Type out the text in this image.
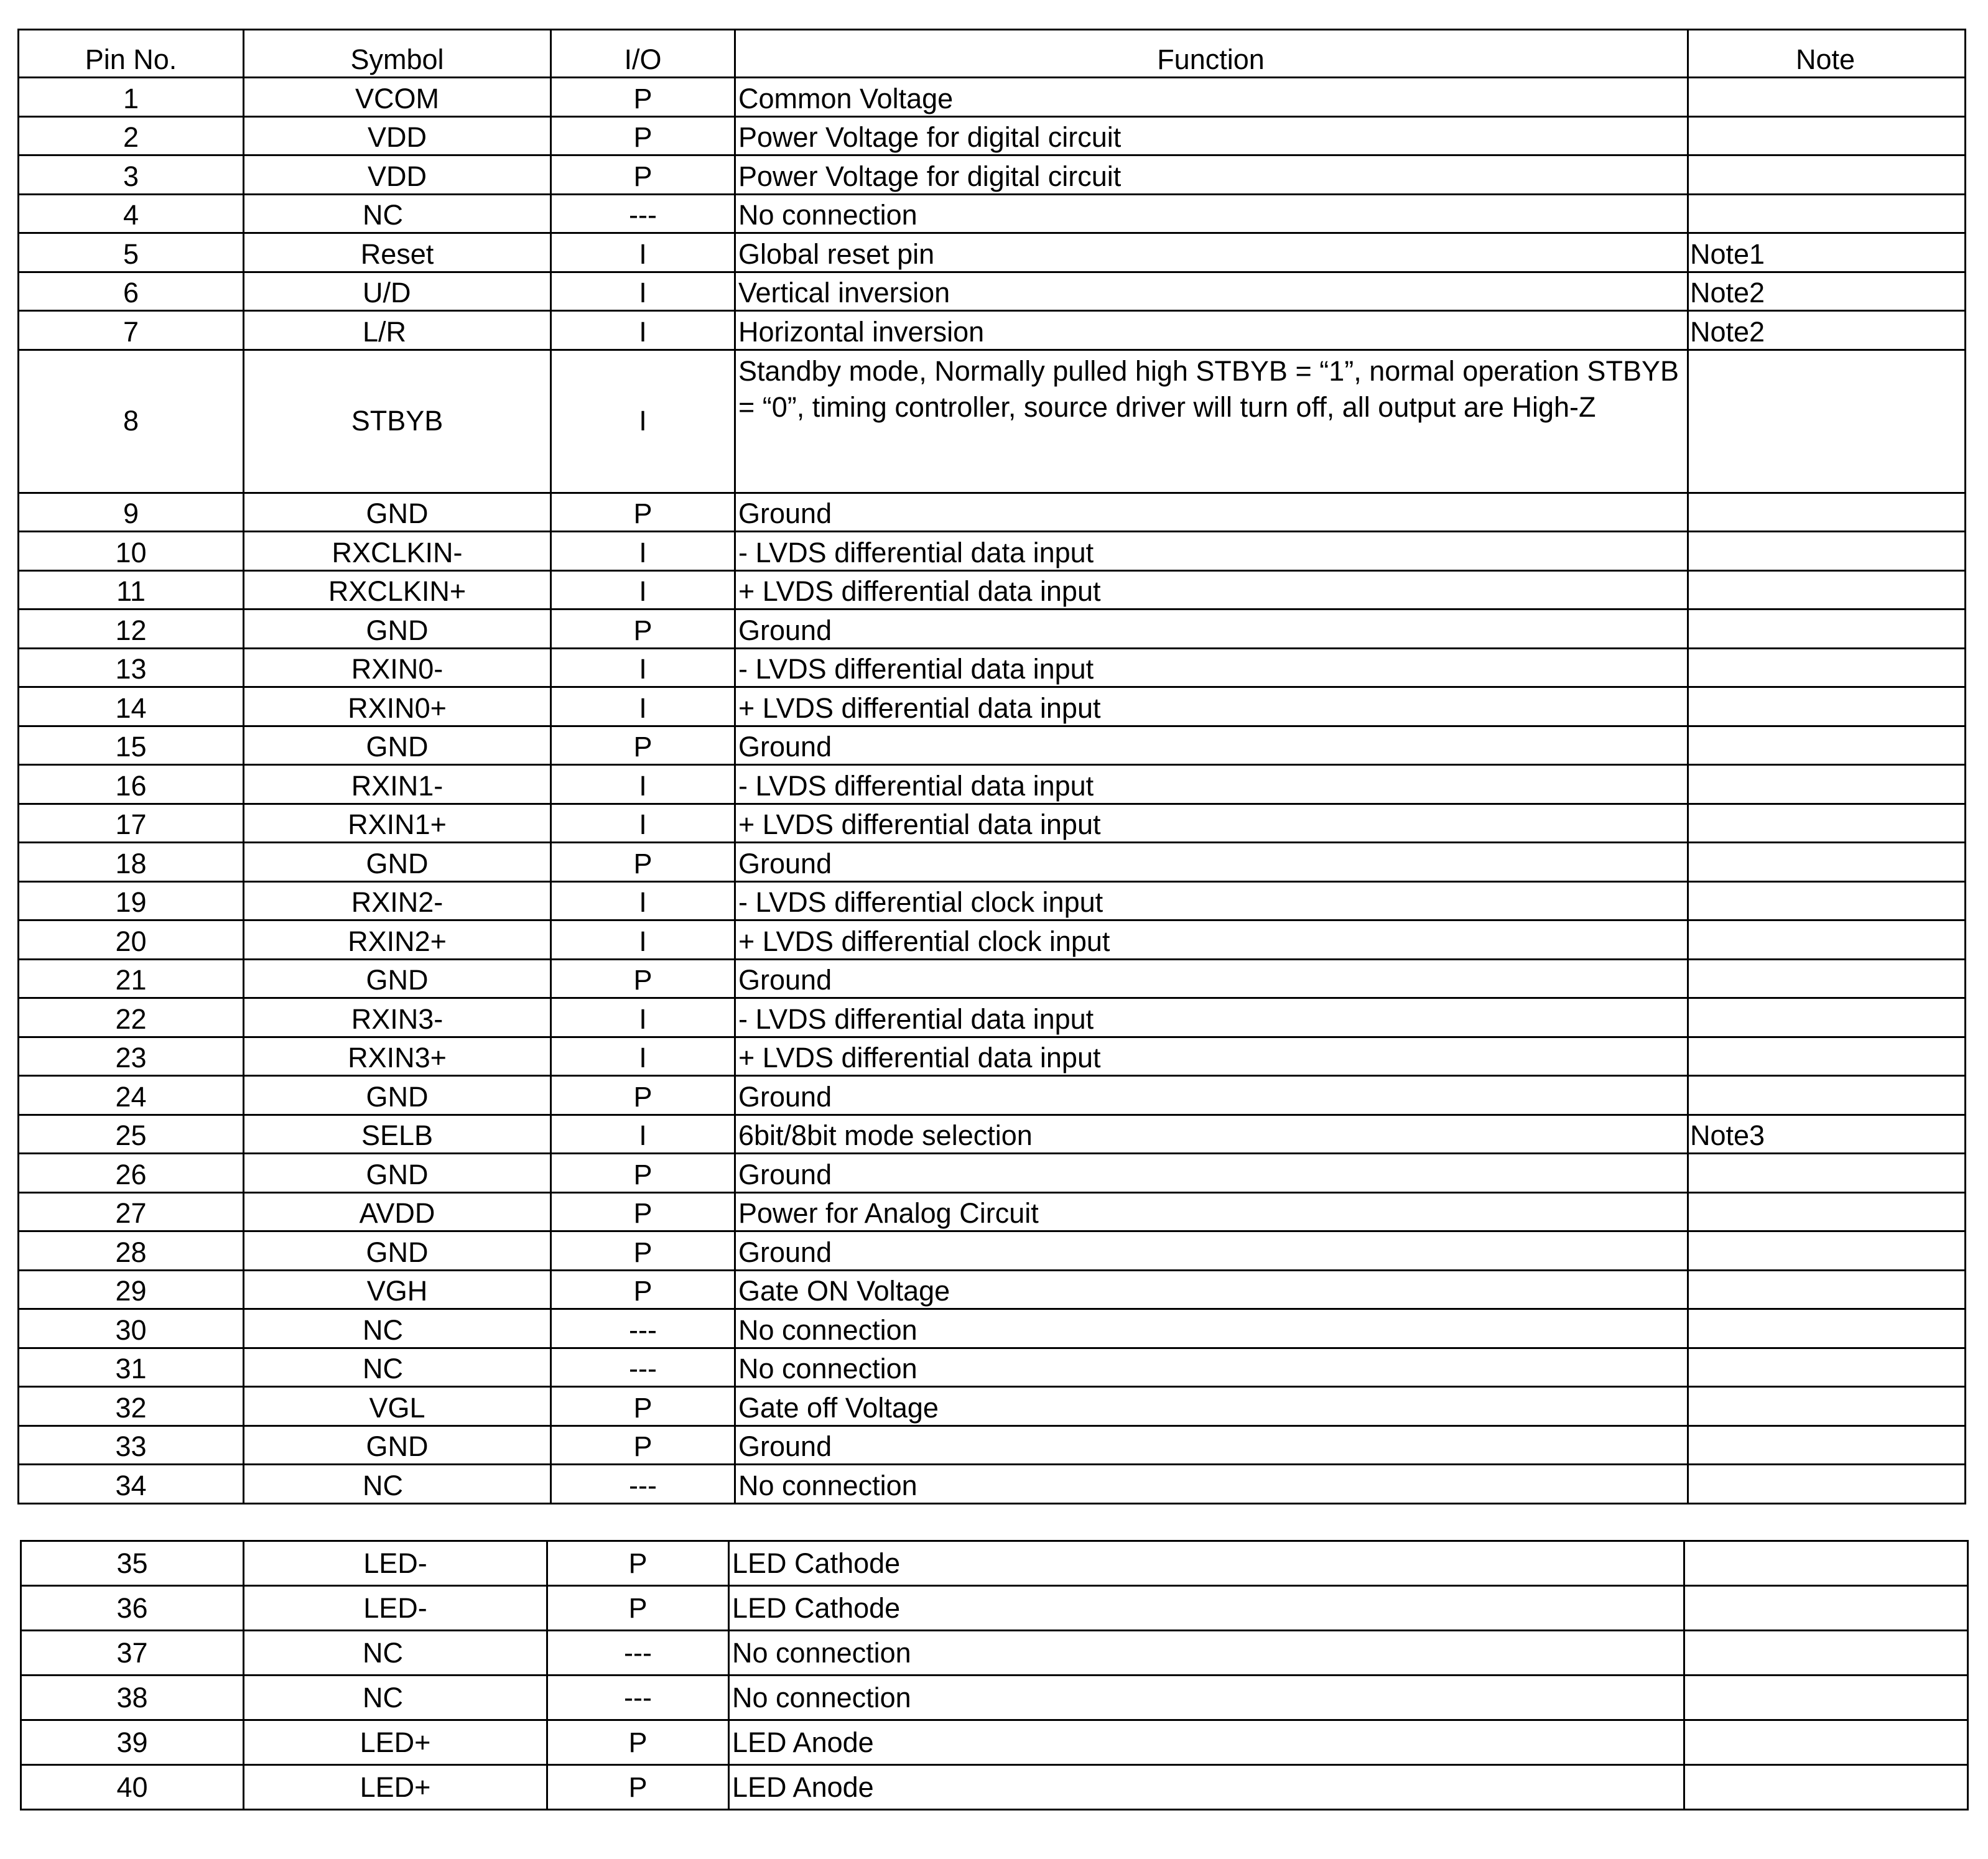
Pin No.	Symbol	I/O	Function	Note
1	VCOM	P	Common Voltage	
2	VDD	P	Power Voltage for digital circuit	
3	VDD	P	Power Voltage for digital circuit	
4	NC	---	No connection	
5	Reset	I	Global reset pin	Note1
6	U/D	I	Vertical inversion	Note2
7	L/R	I	Horizontal inversion	Note2
8	STBYB	I	Standby mode, Normally pulled high STBYB = “1”, normal operation STBYB = “0”, timing controller, source driver will turn off, all output are High-Z	
9	GND	P	Ground	
10	RXCLKIN-	I	- LVDS differential data input	
11	RXCLKIN+	I	+ LVDS differential data input	
12	GND	P	Ground	
13	RXIN0-	I	- LVDS differential data input	
14	RXIN0+	I	+ LVDS differential data input	
15	GND	P	Ground	
16	RXIN1-	I	- LVDS differential data input	
17	RXIN1+	I	+ LVDS differential data input	
18	GND	P	Ground	
19	RXIN2-	I	- LVDS differential clock input	
20	RXIN2+	I	+ LVDS differential clock input	
21	GND	P	Ground	
22	RXIN3-	I	- LVDS differential data input	
23	RXIN3+	I	+ LVDS differential data input	
24	GND	P	Ground	
25	SELB	I	6bit/8bit mode selection	Note3
26	GND	P	Ground	
27	AVDD	P	Power for Analog Circuit	
28	GND	P	Ground	
29	VGH	P	Gate ON Voltage	
30	NC	---	No connection	
31	NC	---	No connection	
32	VGL	P	Gate off Voltage	
33	GND	P	Ground	
34	NC	---	No connection	
35	LED-	P	LED Cathode	
36	LED-	P	LED Cathode	
37	NC	---	No connection	
38	NC	---	No connection	
39	LED+	P	LED Anode	
40	LED+	P	LED Anode	
